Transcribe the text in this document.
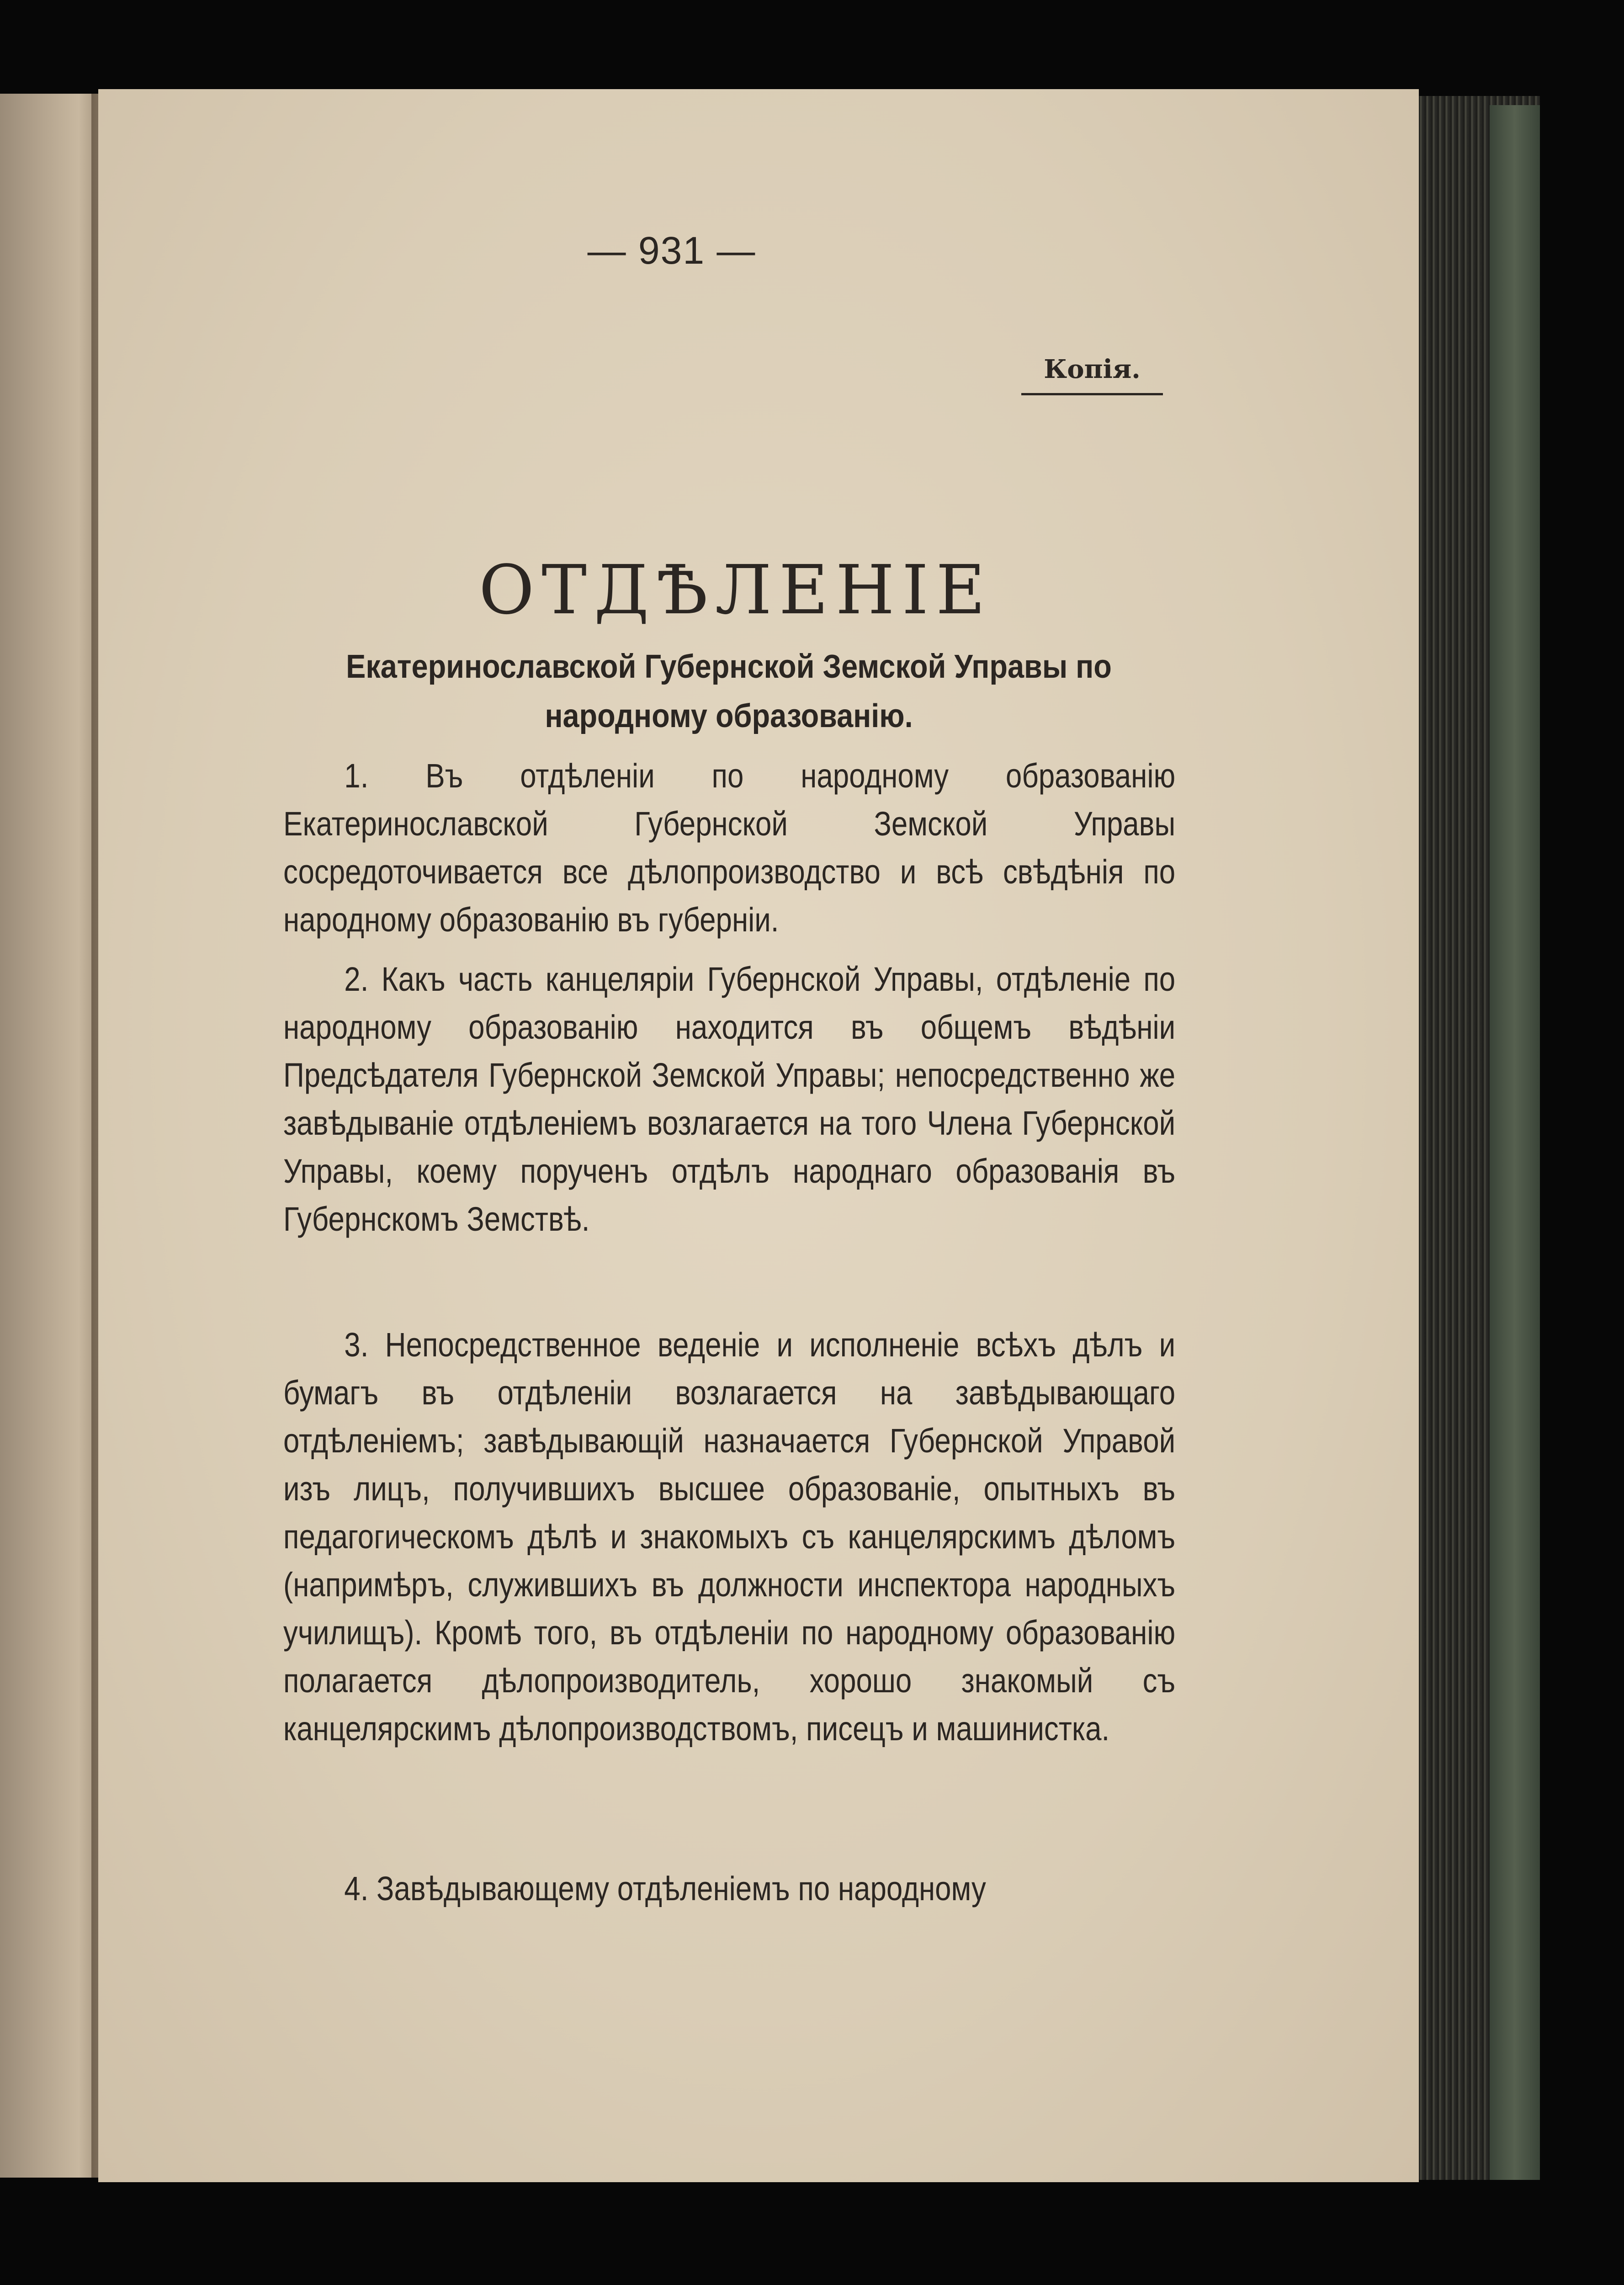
— 931 —
Копія.
ОТДѢЛЕНІЕ
Екатеринославской Губернской Земской Управы по народному образованію.
1. Въ отдѣленіи по народному образованію Екатеринославской Губернской Земской Управы сосредоточивается все дѣлопроизводство и всѣ свѣдѣнія по народному образованію въ губерніи.
2. Какъ часть канцеляріи Губернской Управы, отдѣленіе по народному образованію находится въ общемъ вѣдѣніи Предсѣдателя Губернской Земской Управы; непосредственно же завѣдываніе отдѣленіемъ возлагается на того Члена Губернской Управы, коему порученъ отдѣлъ народнаго образованія въ Губернскомъ Земствѣ.
3. Непосредственное веденіе и исполненіе всѣхъ дѣлъ и бумагъ въ отдѣленіи возлагается на завѣдывающаго отдѣленіемъ; завѣдывающій назначается Губернской Управой изъ лицъ, получившихъ высшее образованіе, опытныхъ въ педагогическомъ дѣлѣ и знакомыхъ съ канцелярскимъ дѣломъ (напримѣръ, служившихъ въ должности инспектора народныхъ училищъ). Кромѣ того, въ отдѣленіи по народному образованію полагается дѣлопроизводитель, хорошо знакомый съ канцелярскимъ дѣлопроизводствомъ, писецъ и машинистка.
4. Завѣдывающему отдѣленіемъ по народному
